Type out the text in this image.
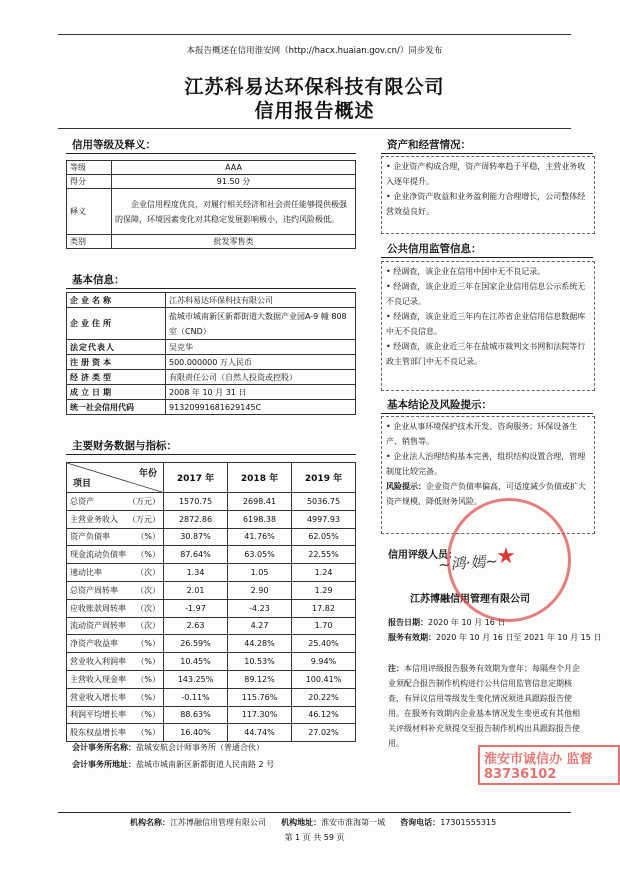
本报告概述在信用淮安网（http://hacx.huaian.gov.cn/）同步发布
江苏科易达环保科技有限公司
信用报告概述
信用等级及释义：
等级	AAA
得分	91.50 分
释义	企业信用程度优良，对履行相关经济和社会责任能够提供极强的保障，环境因素变化对其稳定发展影响极小，违约风险极低。
类别	批发零售类
基本信息：
企业名称	江苏科易达环保科技有限公司
企业住所	盐城市城南新区新都街道大数据产业园A-9 幢 808 室（CND）
法定代表人	吴克华
注册资本	500.000000 万人民币
经济类型	有限责任公司（自然人投资或控股）
成立日期	2008 年 10 月 31 日
统一社会信用代码	91320991681629145C
主要财务数据与指标：
年份
项目	2017 年	2018 年	2019 年
总资产 （万元）	1570.75	2698.41	5036.75
主营业务收入 （万元）	2872.86	6198.38	4997.93
资产负债率 （%）	30.87%	41.76%	62.05%
现金流动负债率 （%）	87.64%	63.05%	22.55%
速动比率 （次）	1.34	1.05	1.24
总资产周转率 （次）	2.01	2.90	1.29
应收账款周转率 （次）	-1.97	-4.23	17.82
流动资产周转率 （次）	2.63	4.27	1.70
净资产收益率 （%）	26.59%	44.28%	25.40%
营业收入利润率 （%）	10.45%	10.53%	9.94%
主营收入现金率 （%）	143.25%	89.12%	100.41%
营业收入增长率 （%）	-0.11%	115.76%	20.22%
利润平均增长率 （%）	88.63%	117.30%	46.12%
股东权益增长率 （%）	16.40%	44.74%	27.02%
会计事务所名称：盐城安航会计师事务所（普通合伙）
会计事务所地址：盐城市城南新区新都街道人民南路 2 号
资产和经营情况：

• 企业资产构成合理，资产周转率趋于平稳，主营业务收入逐年提升。

• 企业净资产收益和业务盈利能力合理增长，公司整体经营效益良好。

公共信用监管信息：

• 经调查，该企业在信用中国中无不良记录。

• 经调查，该企业近三年在国家企业信用信息公示系统无不良记录。

• 经调查，该企业近三年内在江苏省企业信用信息数据库中无不良信息。

• 经调查，该企业近三年在盐城市裁判文书网和法院等行政主管部门中无不良记录。

基本结论及风险提示：

• 企业从事环境保护技术开发、咨询服务；环保设备生产、销售等。

• 企业法人治理结构基本完善，组织结构设置合理，管理制度比较完备。

风险提示：企业资产负债率偏高，可适度减少负债或扩大资产规模，降低财务风险。

信用评级人员：
~鸿·嫣~
江苏博融信用管理有限公司
报告日期：2020 年 10 月 16 日
服务有效期：2020 年 10 月 16 日至 2021 年 10 月 15 日
注：本信用评级报告服务有效期为壹年；每隔叁个月企业须配合报告制作机构进行公共信用监管信息定期核查，有异议信用等级发生变化情况须进具跟踪报告使用。在服务有效期内企业基本情况发生变更或有其他相关评级材料补充须提交至报告制作机构出具跟踪报告使用。
★
淮安市诚信办 监督83736102
机构名称：江苏博融信用管理有限公司 机构地址：淮安市淮海第一城 咨询电话：17301555315
第 1 页 共 59 页
